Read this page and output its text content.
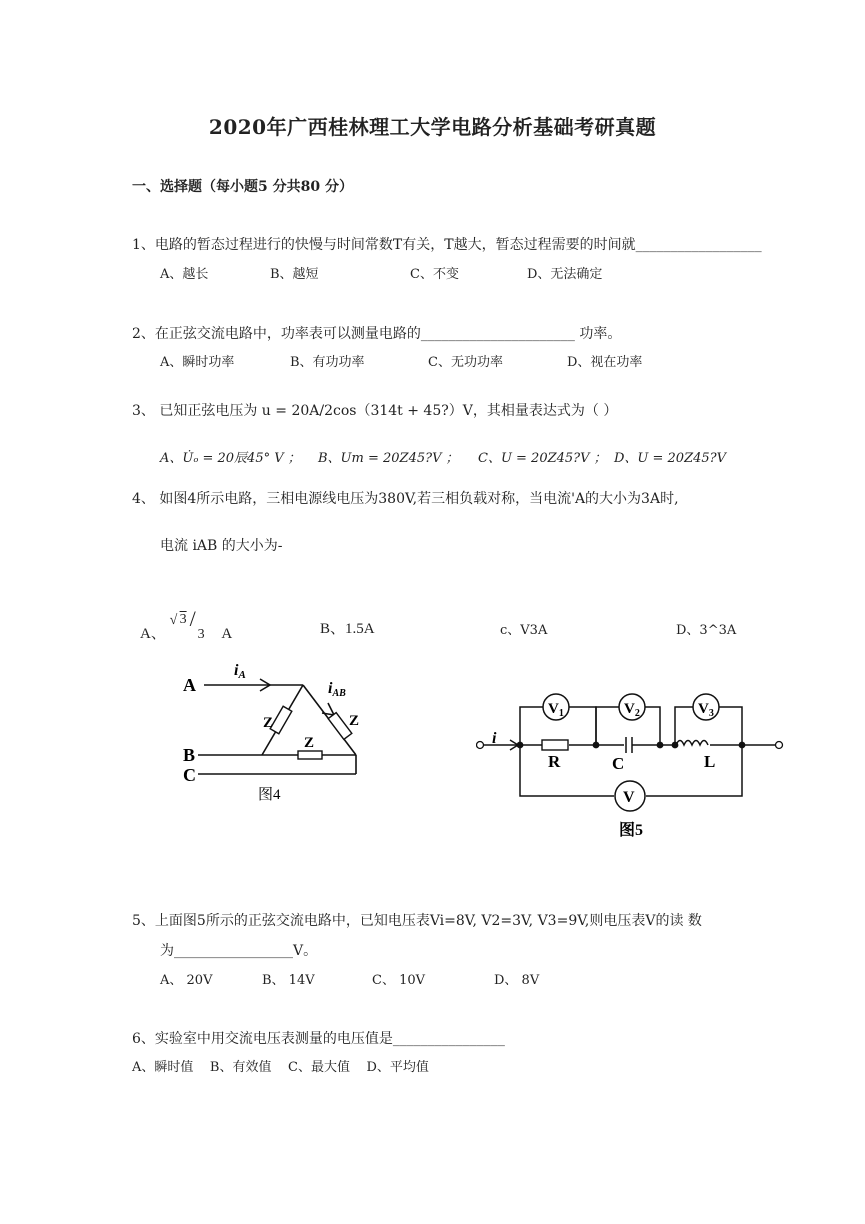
2020年广西桂林理工大学电路分析基础考研真题
一、选择题（每小题5 分共80 分）
1、电路的暂态过程进行的快慢与时间常数T有关，T越大，暂态过程需要的时间就__________________
A、越长	B、越短	C、不变	D、无法确定
2、在正弦交流电路中，功率表可以测量电路的______________________ 功率。
A、瞬时功率	B、有功功率	C、无功功率	D、视在功率
3、 已知正弦电压为 u = 20A/2cos（314t + 45?）V，其相量表达式为（ ）
A、U̇ₒ = 20辰45° V ； B、Um = 20Z45?V ； C、U = 20Z45?V ； D、U = 20Z45?V
4、 如图4所示电路，三相电源线电压为380V,若三相负载对称，当电流'A的大小为3A时,
电流 iAB 的大小为-
A、
√ 3 /
3 A	B、1.5A	c、V3A	D、3^3A
A
B
C
iA
iAB
Z	Z
Z
图4
$V_1$	$V_2$	$V_3$
V
i
R	C	L
图5
5、上面图5所示的正弦交流电路中，已知电压表Vi=8V, V2=3V, V3=9V,则电压表V的读 数
为_________________V。
A、 20V	B、 14V	C、 10V	D、 8V
6、实验室中用交流电压表测量的电压值是________________
A、瞬时值    B、有效值    C、最大值    D、平均值
